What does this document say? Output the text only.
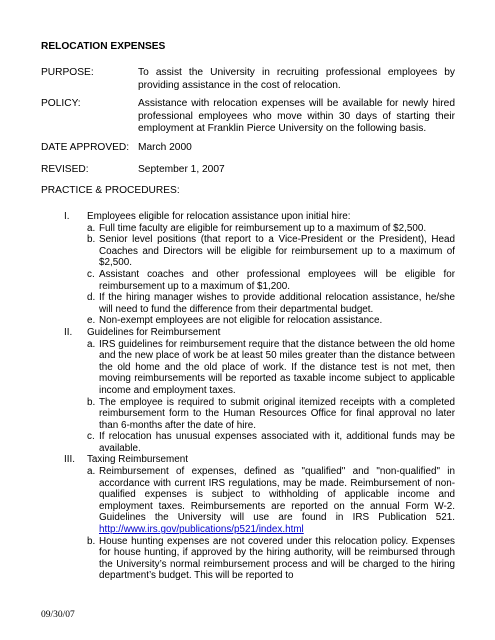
RELOCATION EXPENSES
PURPOSE:	To assist the University in recruiting professional employees by providing assistance in the cost of relocation.
POLICY:	Assistance with relocation expenses will be available for newly hired professional employees who move within 30 days of starting their employment at Franklin Pierce University on the following basis.
DATE APPROVED: March 2000
REVISED:	September 1, 2007
PRACTICE & PROCEDURES:
I. Employees eligible for relocation assistance upon initial hire:
a. Full time faculty are eligible for reimbursement up to a maximum of $2,500.
b. Senior level positions (that report to a Vice-President or the President), Head Coaches and Directors will be eligible for reimbursement up to a maximum of $2,500.
c. Assistant coaches and other professional employees will be eligible for reimbursement up to a maximum of $1,200.
d. If the hiring manager wishes to provide additional relocation assistance, he/she will need to fund the difference from their departmental budget.
e. Non-exempt employees are not eligible for relocation assistance.
II. Guidelines for Reimbursement
a. IRS guidelines for reimbursement require that the distance between the old home and the new place of work be at least 50 miles greater than the distance between the old home and the old place of work. If the distance test is not met, then moving reimbursements will be reported as taxable income subject to applicable income and employment taxes.
b. The employee is required to submit original itemized receipts with a completed reimbursement form to the Human Resources Office for final approval no later than 6-months after the date of hire.
c. If relocation has unusual expenses associated with it, additional funds may be available.
III. Taxing Reimbursement
a. Reimbursement of expenses, defined as "qualified" and "non-qualified" in accordance with current IRS regulations, may be made. Reimbursement of non-qualified expenses is subject to withholding of applicable income and employment taxes. Reimbursements are reported on the annual Form W-2. Guidelines the University will use are found in IRS Publication 521. http://www.irs.gov/publications/p521/index.html
b. House hunting expenses are not covered under this relocation policy. Expenses for house hunting, if approved by the hiring authority, will be reimbursed through the University’s normal reimbursement process and will be charged to the hiring department’s budget. This will be reported to
09/30/07
